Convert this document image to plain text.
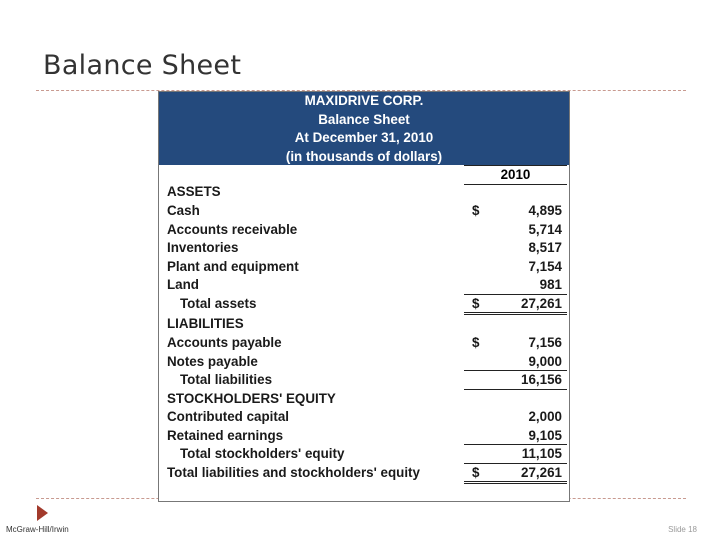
Balance Sheet
MAXIDRIVE CORP.
Balance Sheet
At December 31, 2010
(in thousands of dollars)
2010
ASSETS
Cash	$	4,895
Accounts receivable	5,714
Inventories	8,517
Plant and equipment	7,154
Land	981
Total assets	$	27,261
LIABILITIES
Accounts payable	$	7,156
Notes payable	9,000
Total liabilities	16,156
STOCKHOLDERS' EQUITY
Contributed capital	2,000
Retained earnings	9,105
Total stockholders' equity	11,105
Total liabilities and stockholders' equity	$	27,261
McGraw-Hill/Irwin	Slide 18
